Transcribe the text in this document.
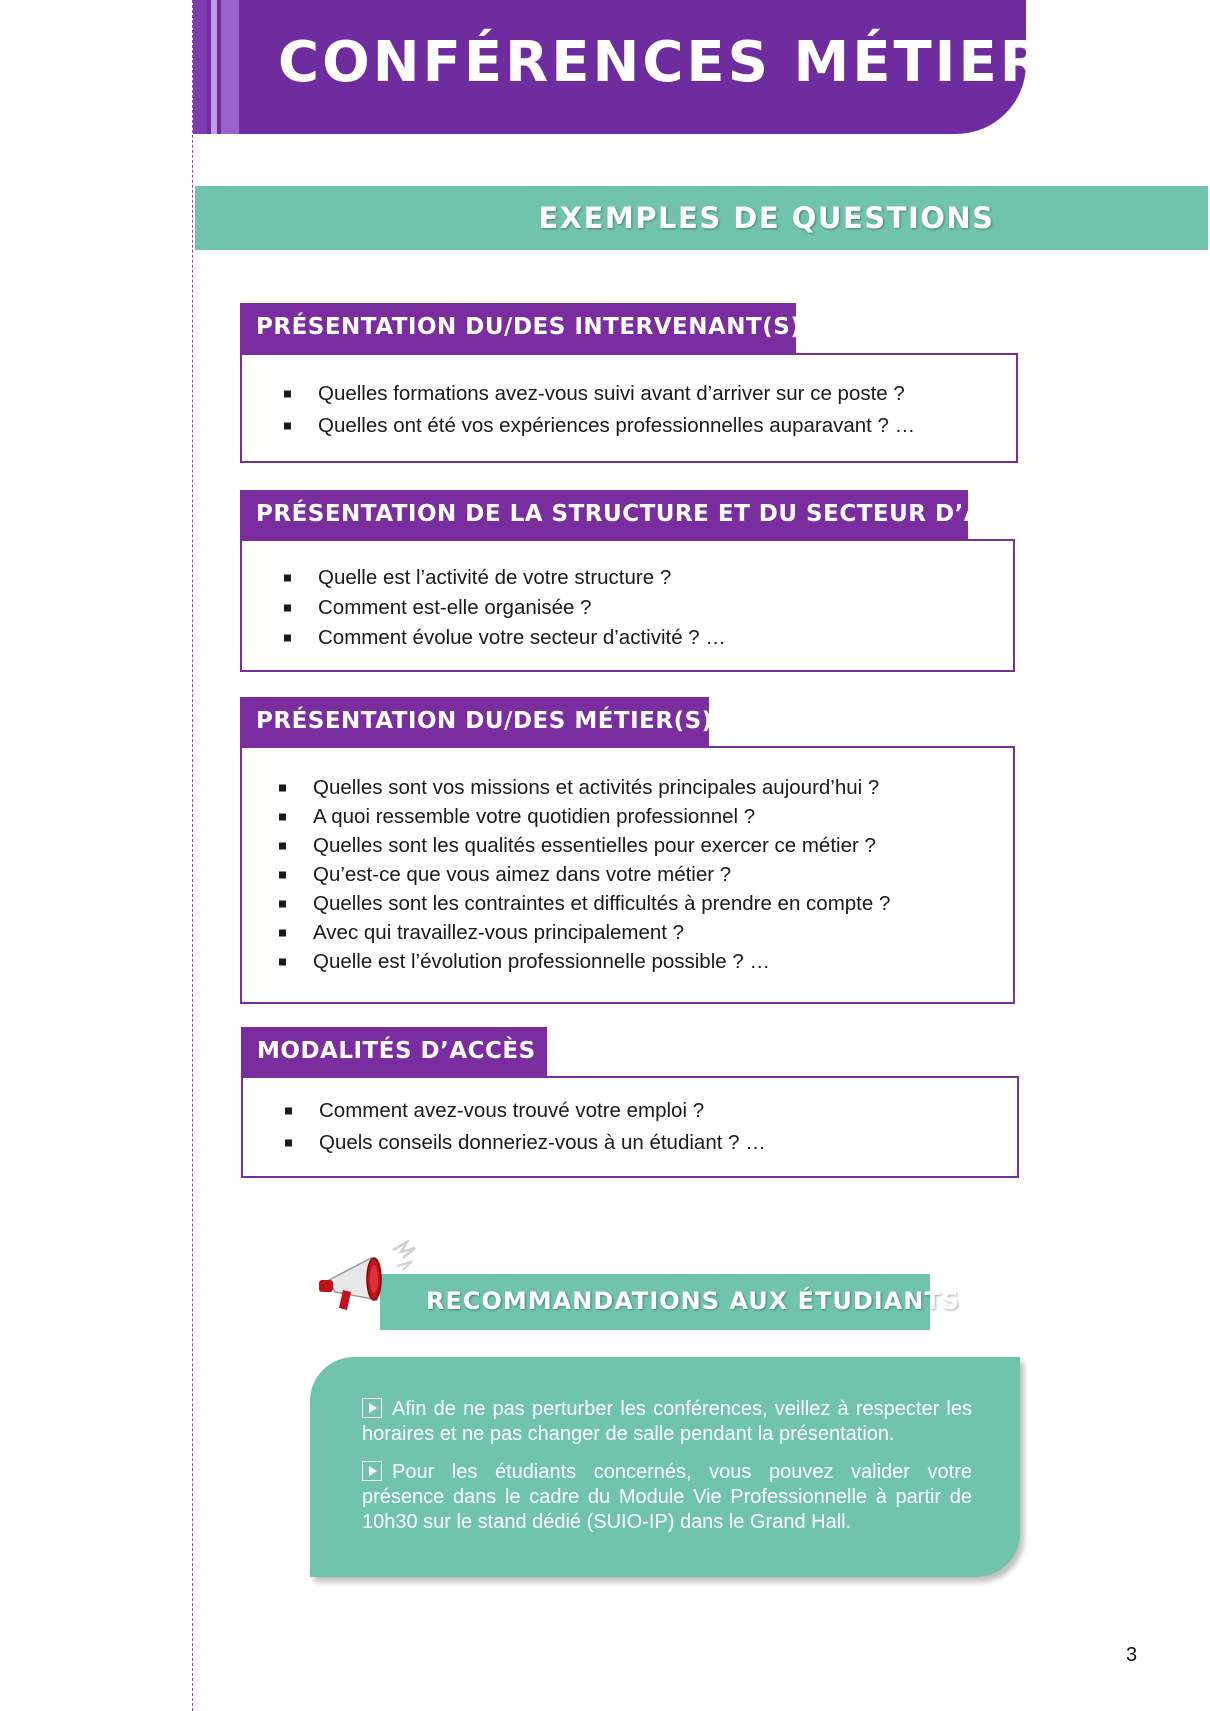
CONFÉRENCES MÉTIERS
EXEMPLES DE QUESTIONS
PRÉSENTATION DU/DES INTERVENANT(S)
Quelles formations avez-vous suivi avant d’arriver sur ce poste ?
Quelles ont été vos expériences professionnelles auparavant ? …
PRÉSENTATION DE LA STRUCTURE ET DU SECTEUR D’ACTIVITÉ
Quelle est l’activité de votre structure ?
Comment est-elle organisée ?
Comment évolue votre secteur d’activité ? …
PRÉSENTATION DU/DES MÉTIER(S)
Quelles sont vos missions et activités principales aujourd’hui ?
A quoi ressemble votre quotidien professionnel ?
Quelles sont les qualités essentielles pour exercer ce métier ?
Qu’est-ce que vous aimez dans votre métier ?
Quelles sont les contraintes et difficultés à prendre en compte ?
Avec qui travaillez-vous principalement ?
Quelle est l’évolution professionnelle possible ? …
MODALITÉS D’ACCÈS
Comment avez-vous trouvé votre emploi ?
Quels conseils donneriez-vous à un étudiant ? …
RECOMMANDATIONS AUX ÉTUDIANTS
Afin de ne pas perturber les conférences, veillez à respecter les horaires et ne pas changer de salle pendant la présentation.
Pour les étudiants concernés, vous pouvez valider votre présence dans le cadre du Module Vie Professionnelle à partir de 10h30 sur le stand dédié (SUIO-IP) dans le Grand Hall.
3
